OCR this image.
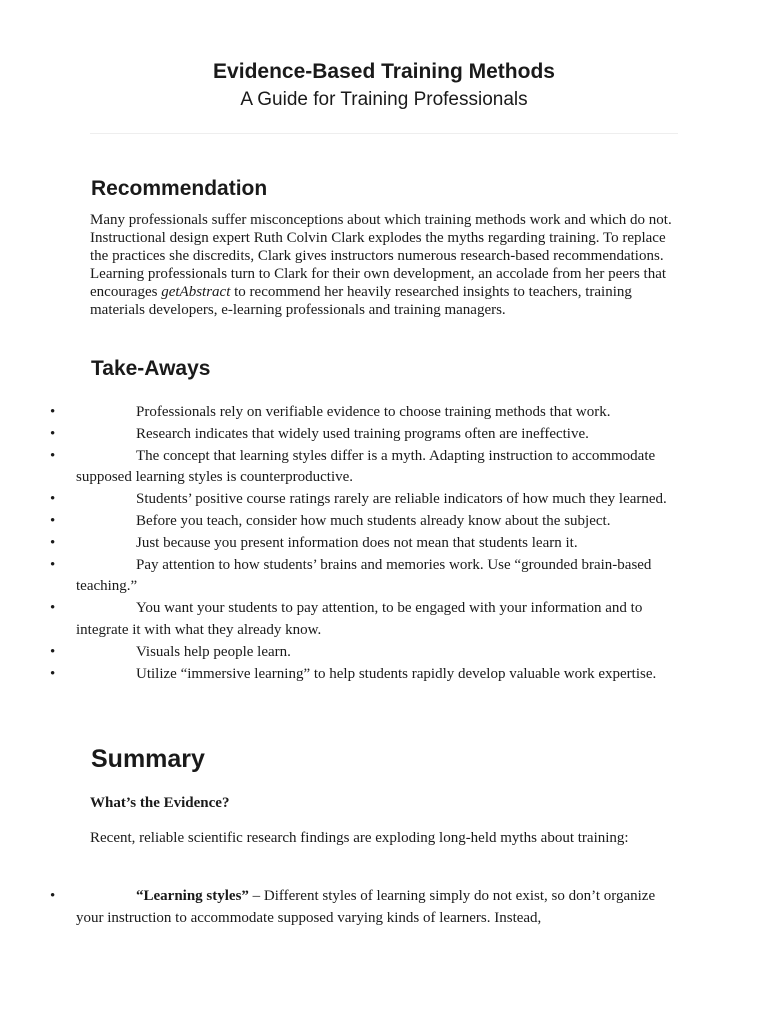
Evidence-Based Training Methods

A Guide for Training Professionals

Recommendation

Many professionals suffer misconceptions about which training methods work and which do not. Instructional design expert Ruth Colvin Clark explodes the myths regarding training. To replace the practices she discredits, Clark gives instructors numerous research-based recommendations. Learning professionals turn to Clark for their own development, an accolade from her peers that encourages getAbstract to recommend her heavily researched insights to teachers, training materials developers, e-learning professionals and training managers.

Take-Aways
•	Professionals rely on verifiable evidence to choose training methods that work.
•	Research indicates that widely used training programs often are ineffective.
•	The concept that learning styles differ is a myth. Adapting instruction to accommodate supposed learning styles is counterproductive.
•	Students’ positive course ratings rarely are reliable indicators of how much they learned.
•	Before you teach, consider how much students already know about the subject.
•	Just because you present information does not mean that students learn it.
•	Pay attention to how students’ brains and memories work. Use “grounded brain-based teaching.”
•	You want your students to pay attention, to be engaged with your information and to integrate it with what they already know.
•	Visuals help people learn.
•	Utilize “immersive learning” to help students rapidly develop valuable work expertise.
Summary

What’s the Evidence?

Recent, reliable scientific research findings are exploding long-held myths about training:

•	“Learning styles” – Different styles of learning simply do not exist, so don’t organize your instruction to accommodate supposed varying kinds of learners. Instead,
